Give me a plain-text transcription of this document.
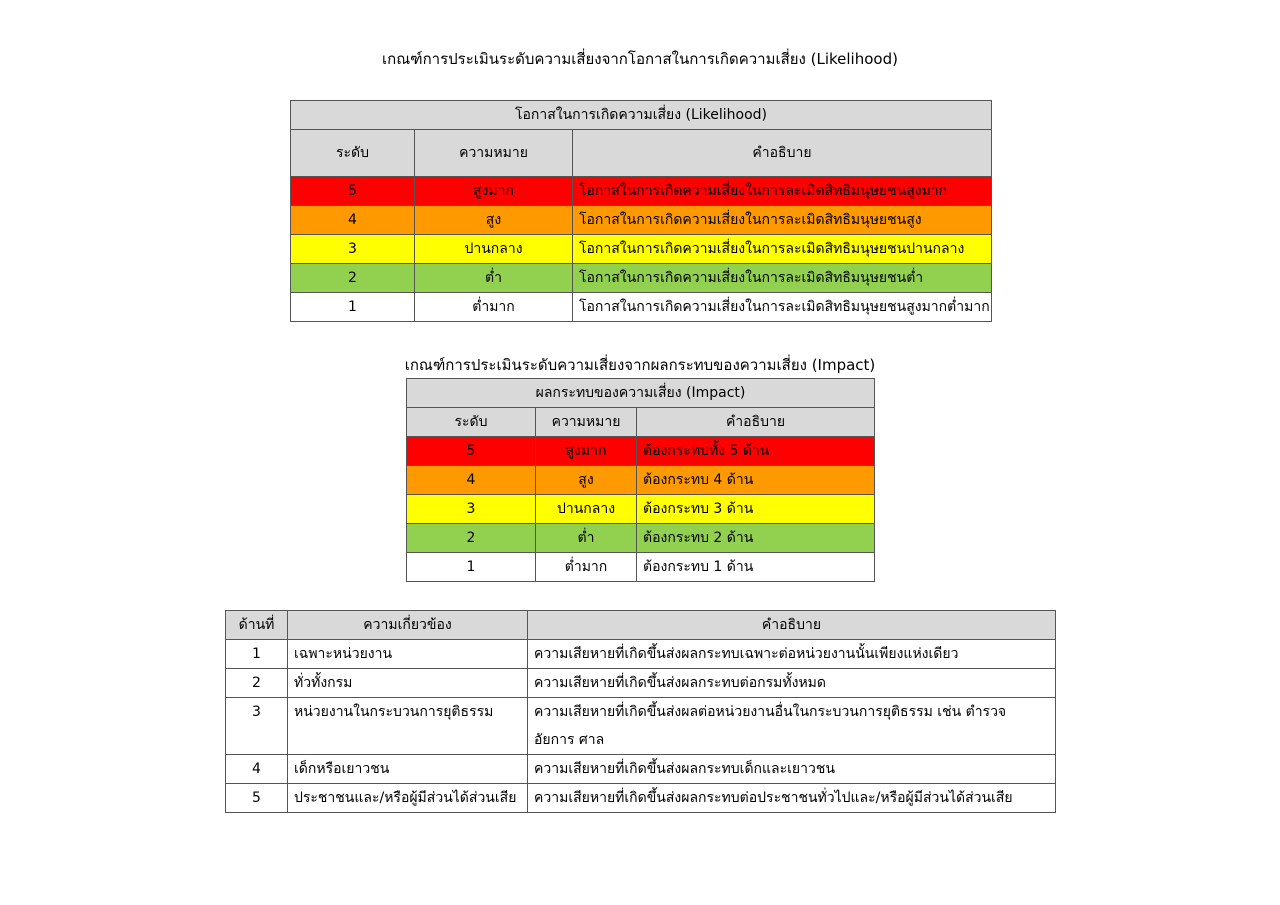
เกณฑ์การประเมินระดับความเสี่ยงจากโอกาสในการเกิดความเสี่ยง (Likelihood)
โอกาสในการเกิดความเสี่ยง (Likelihood)		
ระดับ	ความหมาย	คำอธิบาย
5	สูงมาก	โอกาสในการเกิดความเสี่ยงในการละเมิดสิทธิมนุษยชนสูงมาก
4	สูง	โอกาสในการเกิดความเสี่ยงในการละเมิดสิทธิมนุษยชนสูง
3	ปานกลาง	โอกาสในการเกิดความเสี่ยงในการละเมิดสิทธิมนุษยชนปานกลาง
2	ต่ำ	โอกาสในการเกิดความเสี่ยงในการละเมิดสิทธิมนุษยชนต่ำ
1	ต่ำมาก	โอกาสในการเกิดความเสี่ยงในการละเมิดสิทธิมนุษยชนสูงมากต่ำมาก
เกณฑ์การประเมินระดับความเสี่ยงจากผลกระทบของความเสี่ยง (Impact)
ผลกระทบของความเสี่ยง (Impact)		
ระดับ	ความหมาย	คำอธิบาย
5	สูงมาก	ต้องกระทบทั้ง 5 ด้าน
4	สูง	ต้องกระทบ 4 ด้าน
3	ปานกลาง	ต้องกระทบ 3 ด้าน
2	ต่ำ	ต้องกระทบ 2 ด้าน
1	ต่ำมาก	ต้องกระทบ 1 ด้าน
ด้านที่	ความเกี่ยวข้อง	คำอธิบาย
1	เฉพาะหน่วยงาน	ความเสียหายที่เกิดขึ้นส่งผลกระทบเฉพาะต่อหน่วยงานนั้นเพียงแห่งเดียว
2	ทั่วทั้งกรม	ความเสียหายที่เกิดขึ้นส่งผลกระทบต่อกรมทั้งหมด
3	หน่วยงานในกระบวนการยุติธรรม	ความเสียหายที่เกิดขึ้นส่งผลต่อหน่วยงานอื่นในกระบวนการยุติธรรม เช่น ตำรวจ อัยการ ศาล
4	เด็กหรือเยาวชน	ความเสียหายที่เกิดขึ้นส่งผลกระทบเด็กและเยาวชน
5	ประชาชนและ/หรือผู้มีส่วนได้ส่วนเสีย	ความเสียหายที่เกิดขึ้นส่งผลกระทบต่อประชาชนทั่วไปและ/หรือผู้มีส่วนได้ส่วนเสีย
